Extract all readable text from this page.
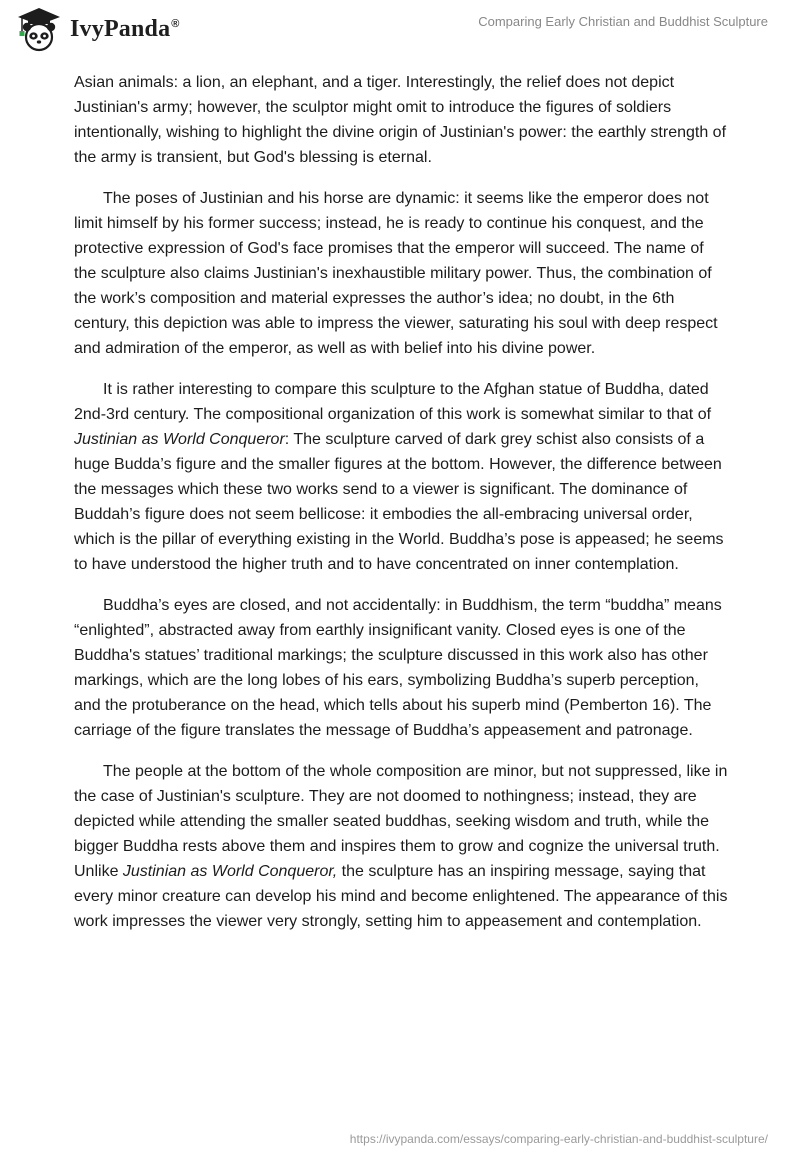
IvyPanda®	Comparing Early Christian and Buddhist Sculpture

Asian animals: a lion, an elephant, and a tiger. Interestingly, the relief does not depict Justinian's army; however, the sculptor might omit to introduce the figures of soldiers intentionally, wishing to highlight the divine origin of Justinian's power: the earthly strength of the army is transient, but God's blessing is eternal.

The poses of Justinian and his horse are dynamic: it seems like the emperor does not limit himself by his former success; instead, he is ready to continue his conquest, and the protective expression of God's face promises that the emperor will succeed. The name of the sculpture also claims Justinian's inexhaustible military power. Thus, the combination of the work’s composition and material expresses the author’s idea; no doubt, in the 6th century, this depiction was able to impress the viewer, saturating his soul with deep respect and admiration of the emperor, as well as with belief into his divine power.

It is rather interesting to compare this sculpture to the Afghan statue of Buddha, dated 2nd-3rd century. The compositional organization of this work is somewhat similar to that of Justinian as World Conqueror: The sculpture carved of dark grey schist also consists of a huge Budda’s figure and the smaller figures at the bottom. However, the difference between the messages which these two works send to a viewer is significant. The dominance of Buddah’s figure does not seem bellicose: it embodies the all-embracing universal order, which is the pillar of everything existing in the World. Buddha’s pose is appeased; he seems to have understood the higher truth and to have concentrated on inner contemplation.

Buddha’s eyes are closed, and not accidentally: in Buddhism, the term “buddha” means “enlighted”, abstracted away from earthly insignificant vanity. Closed eyes is one of the Buddha's statues’ traditional markings; the sculpture discussed in this work also has other markings, which are the long lobes of his ears, symbolizing Buddha’s superb perception, and the protuberance on the head, which tells about his superb mind (Pemberton 16). The carriage of the figure translates the message of Buddha’s appeasement and patronage.

The people at the bottom of the whole composition are minor, but not suppressed, like in the case of Justinian's sculpture. They are not doomed to nothingness; instead, they are depicted while attending the smaller seated buddhas, seeking wisdom and truth, while the bigger Buddha rests above them and inspires them to grow and cognize the universal truth. Unlike Justinian as World Conqueror, the sculpture has an inspiring message, saying that every minor creature can develop his mind and become enlightened. The appearance of this work impresses the viewer very strongly, setting him to appeasement and contemplation.

https://ivypanda.com/essays/comparing-early-christian-and-buddhist-sculpture/
